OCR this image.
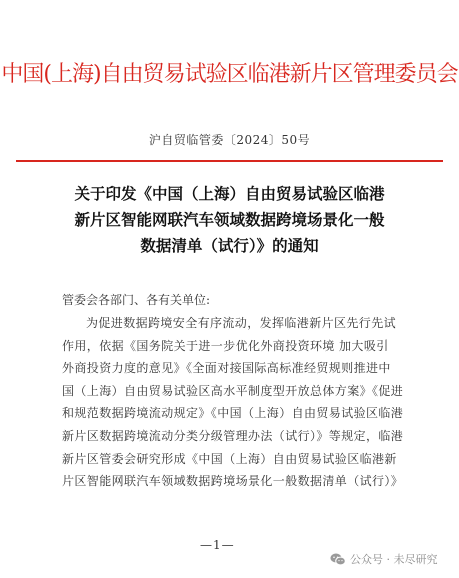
中国(上海)自由贸易试验区临港新片区管理委员会
沪自贸临管委〔2024〕50号
关于印发《中国（上海）自由贸易试验区临港
新片区智能网联汽车领域数据跨境场景化一般
数据清单（试行）》的通知
管委会各部门、各有关单位:
为促进数据跨境安全有序流动，发挥临港新片区先行先试
作用，依据《国务院关于进一步优化外商投资环境 加大吸引
外商投资力度的意见》《全面对接国际高标准经贸规则推进中
国（上海）自由贸易试验区高水平制度型开放总体方案》《促进
和规范数据跨境流动规定》《中国（上海）自由贸易试验区临港
新片区数据跨境流动分类分级管理办法（试行）》等规定，临港
新片区管委会研究形成《中国（上海）自由贸易试验区临港新
片区智能网联汽车领域数据跨境场景化一般数据清单（试行）》
—1—
公众号 · 未尽研究
